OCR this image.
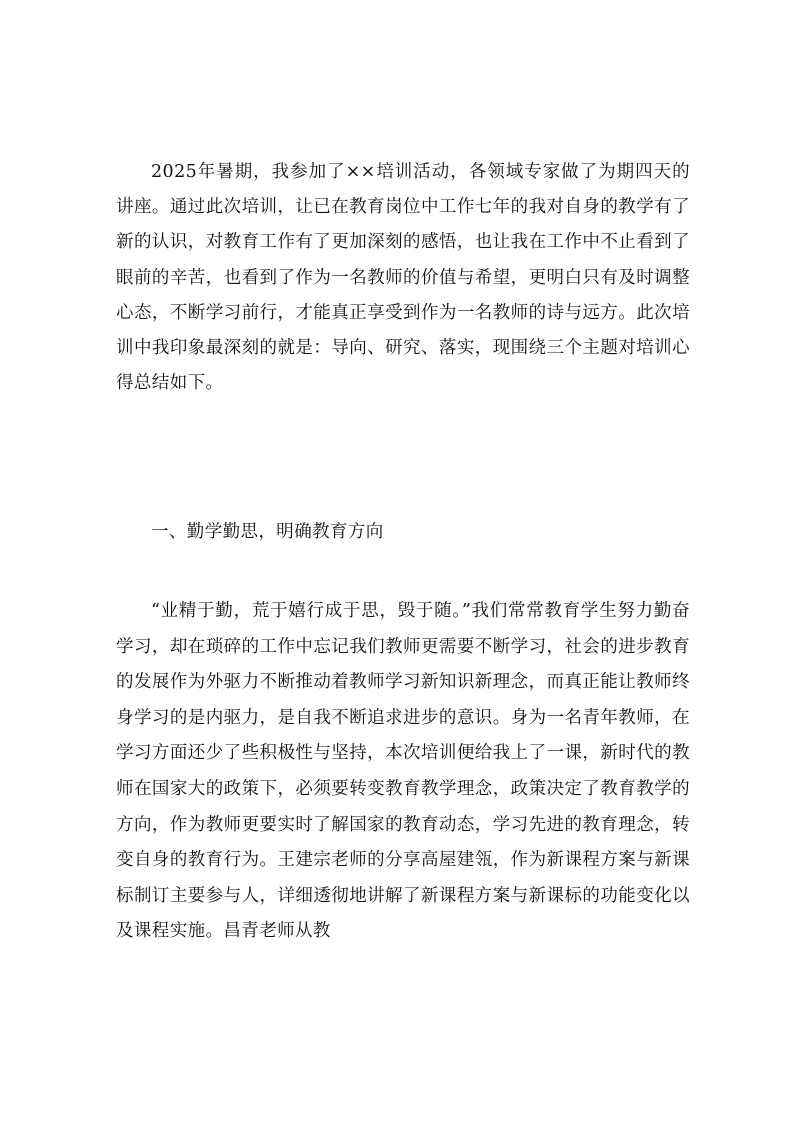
2025年暑期，我参加了××培训活动，各领域专家做了为期四天的讲座。通过此次培训，让已在教育岗位中工作七年的我对自身的教学有了新的认识，对教育工作有了更加深刻的感悟，也让我在工作中不止看到了眼前的辛苦，也看到了作为一名教师的价值与希望，更明白只有及时调整心态，不断学习前行，才能真正享受到作为一名教师的诗与远方。此次培训中我印象最深刻的就是：导向、研究、落实，现围绕三个主题对培训心得总结如下。

一、勤学勤思，明确教育方向

“业精于勤，荒于嬉行成于思，毁于随。”我们常常教育学生努力勤奋学习，却在琐碎的工作中忘记我们教师更需要不断学习，社会的进步教育的发展作为外驱力不断推动着教师学习新知识新理念，而真正能让教师终身学习的是内驱力，是自我不断追求进步的意识。身为一名青年教师，在学习方面还少了些积极性与坚持，本次培训便给我上了一课，新时代的教师在国家大的政策下，必须要转变教育教学理念，政策决定了教育教学的方向，作为教师更要实时了解国家的教育动态，学习先进的教育理念，转变自身的教育行为。王建宗老师的分享高屋建瓴，作为新课程方案与新课标制订主要参与人，详细透彻地讲解了新课程方案与新课标的功能变化以及课程实施。昌青老师从教
